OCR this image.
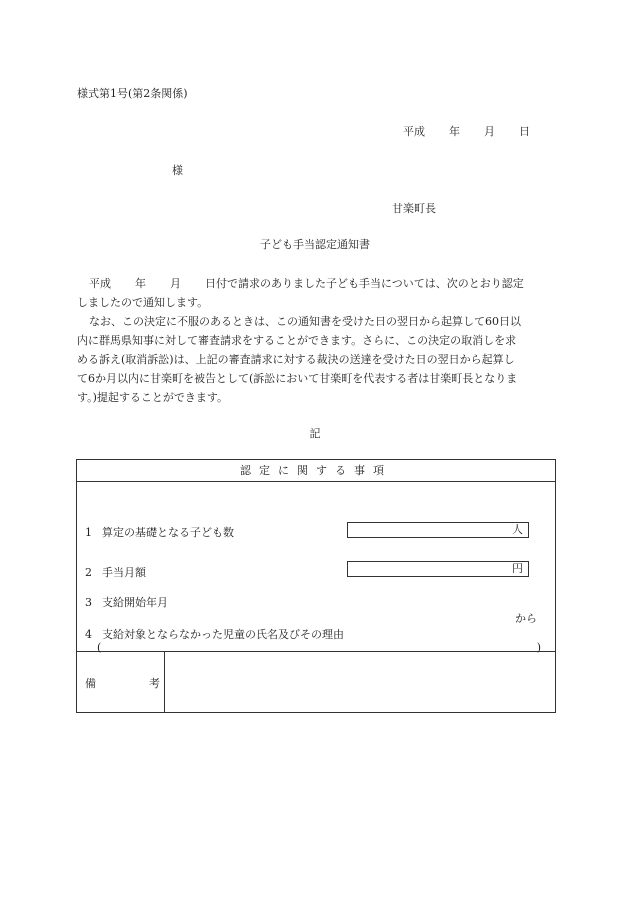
様式第1号(第2条関係)
平成 年 月 日
様
甘楽町長
子ども手当認定通知書

平成 年 月 日付で請求のありました子ども手当については、次のとおり認定
しましたので通知します。

なお、この決定に不服のあるときは、この通知書を受けた日の翌日から起算して60日以
内に群馬県知事に対して審査請求をすることができます。さらに、この決定の取消しを求
める訴え(取消訴訟)は、上記の審査請求に対する裁決の送達を受けた日の翌日から起算し
て6か月以内に甘楽町を被告として(訴訟において甘楽町を代表する者は甘楽町長となりま
す。)提起することができます。

記
認定に関する事項
1 算定の基礎となる子ども数	人
2 手当月額	円
3 支給開始年月
から
4 支給対象とならなかった児童の氏名及びその理由
(	)
備	考
